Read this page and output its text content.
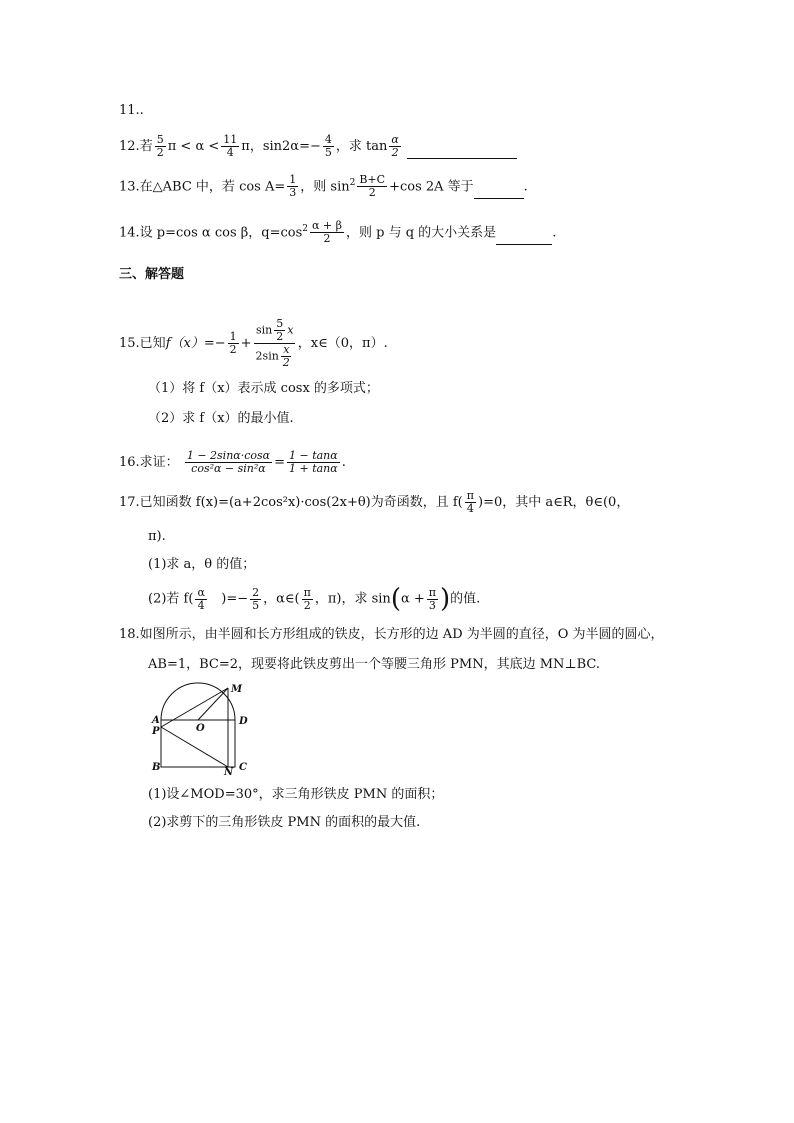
11..
12.若 $\frac{5}{2}$ $\pi < \alpha < \frac{11}{4}$ π，$\sin 2\alpha=- \frac{4}{5}$ ，求 $\tan \frac{\alpha}{2}$

13.在△ABC 中，若 $\cos A= \frac{1}{3}$ ，则 $\sin^2 \frac{B+C}{2} +\cos$ 2A 等于	.
14.设 p=cos α cos β，$q=\cos^2 \frac{\alpha + \beta}{2}$ ，则 p 与 q 的大小关系是	.
三、解答题
15.已知$f(x)=- \frac{1}{2} + \frac{\sin \frac{5}{2} x}{2\sin \frac{x}{2}}$ ，x∈（0，π）.
（1）将 f（x）表示成 cosx 的多项式；
（2）求 f（x）的最小值.
16.求证： $\frac{1 - 2\sin\alpha\cdot\cos\alpha}{\text{cos²α − sin²α}} = \frac{1 - \tan\alpha}{1 + \tan\alpha}$ .
17.已知函数 f(x)=(a+2cos²x)·cos(2x+θ)为奇函数，且 $f( \frac{\pi}{4} )=0$，其中 a∈R，θ∈(0，
π).
(1)求 a，θ 的值；
(2)若 $f( \frac{\alpha}{4}$ )=− $\frac{2}{5}$ ，α∈( $\frac{\pi}{2}$ ，π)，求 $\sin(\alpha + \frac{\pi}{3}$ )的值.
18.如图所示，由半圆和长方形组成的铁皮，长方形的边 AD 为半圆的直径，O 为半圆的圆心，
AB=1，BC=2，现要将此铁皮剪出一个等腰三角形 PMN，其底边 MN⊥BC.
M
A
P	O
D
B	N C
(1)设∠MOD=30°，求三角形铁皮 PMN 的面积；
(2)求剪下的三角形铁皮 PMN 的面积的最大值.
